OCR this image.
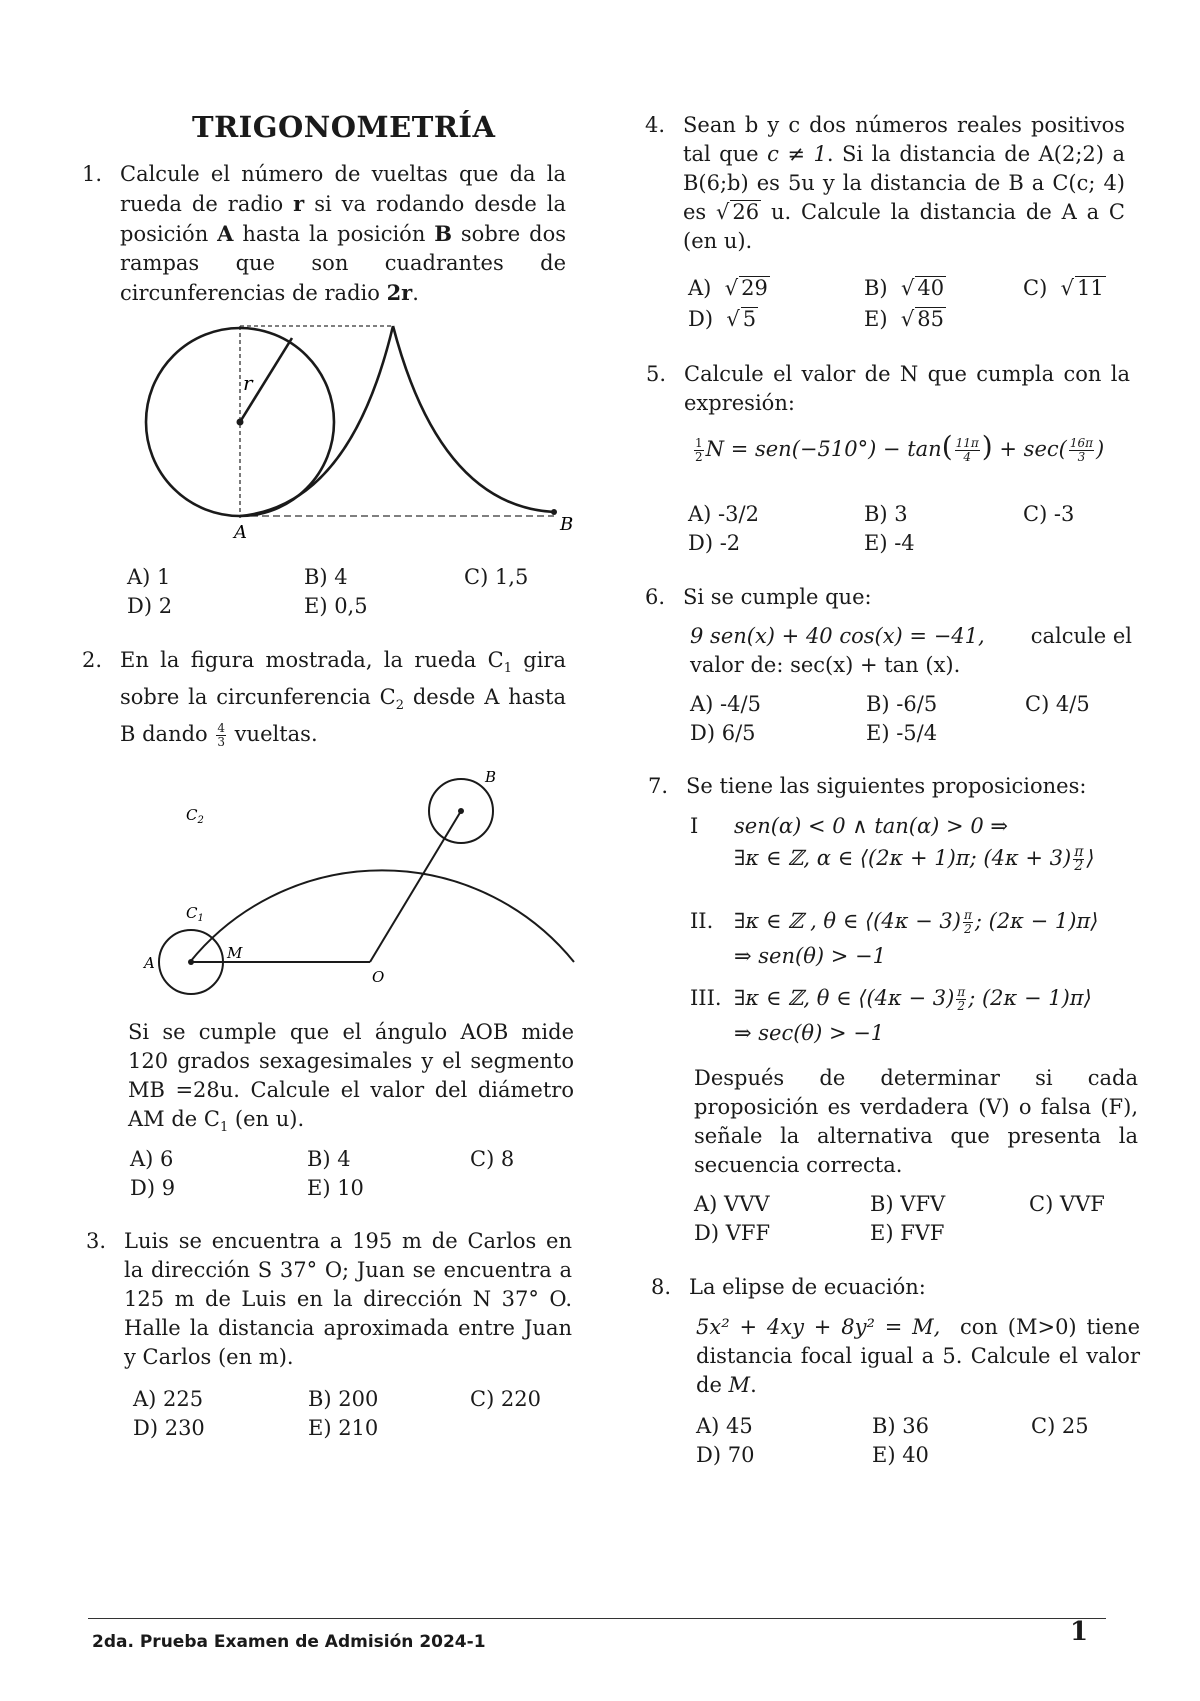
TRIGONOMETRÍA
1. Calcule el número de vueltas que da la rueda de radio r si va rodando desde la posición A hasta la posición B sobre dos rampas que son cuadrantes de circunferencias de radio 2r.
r
A	B
A) 1	B) 4	C) 1,5
D) 2	E) 0,5
2. En la figura mostrada, la rueda $C_1$ gira sobre la circunferencia $C_2$ desde A hasta B dando $\frac{4}{3}$ vueltas.
B
$C_2$
$C_1$
A
M
O
Si se cumple que el ángulo AOB mide 120 grados sexagesimales y el segmento MB =28u. Calcule el valor del diámetro AM de $C_1$ (en u).
A) 6	B) 4	C) 8
D) 9	E) 10
3. Luis se encuentra a 195 m de Carlos en la dirección S 37° O; Juan se encuentra a 125 m de Luis en la dirección N 37° O. Halle la distancia aproximada entre Juan y Carlos (en m).
A) 225	B) 200	C) 220
D) 230	E) 210
4. Sean b y c dos números reales positivos tal que c ≠ 1. Si la distancia de A(2;2) a B(6;b) es 5u y la distancia de B a C(c; 4) es √ 26 u. Calcule la distancia de A a C (en u).
A)  √ 29	B)  √ 40	C)  √ 11
D)  √ 5	E)  √ 85
5. Calcule el valor de N que cumpla con la expresión:
$\frac{1}{2}$ $N = sen(-510^\circ) - \tan( \frac{11\pi}{4}$ ) + $\sec( \frac{16\pi}{3}$ )
A) -3/2	B) 3	C) -3
D) -2	E) -4
6. Si se cumple que:
9 sen(x) + 40 cos(x) = −41, calcule el
valor de: sec(x) + tan (x).
A) -4/5	B) -6/5	C) 4/5
D) 6/5	E) -5/4
7. Se tiene las siguientes proposiciones:
I sen(α) < 0 ∧ tan(α) > 0 ⇒
∃κ ∈ ℤ, α ∈ ⟨(2κ + 1)π; $(4\kappa + 3) \frac{\pi}{2}$ ⟩
II. ∃κ ∈ ℤ , θ ∈ ⟨(4κ − $3) \frac{\pi}{2}$ ; (2κ − 1)π⟩
⇒ sen(θ) > −1
III. ∃κ ∈ ℤ, θ ∈ ⟨(4κ − $3) \frac{\pi}{2}$ ; (2κ − 1)π⟩
⇒ sec(θ) > −1
Después de determinar si cada proposición es verdadera (V) o falsa (F), señale la alternativa que presenta la secuencia correcta.
A) VVV	B) VFV	C) VVF
D) VFF	E) FVF
8. La elipse de ecuación:
5x² + 4xy + 8y² = M, con (M>0) tiene distancia focal igual a 5. Calcule el valor de M.
A) 45	B) 36	C) 25
D) 70	E) 40
2da. Prueba Examen de Admisión 2024-1	1
